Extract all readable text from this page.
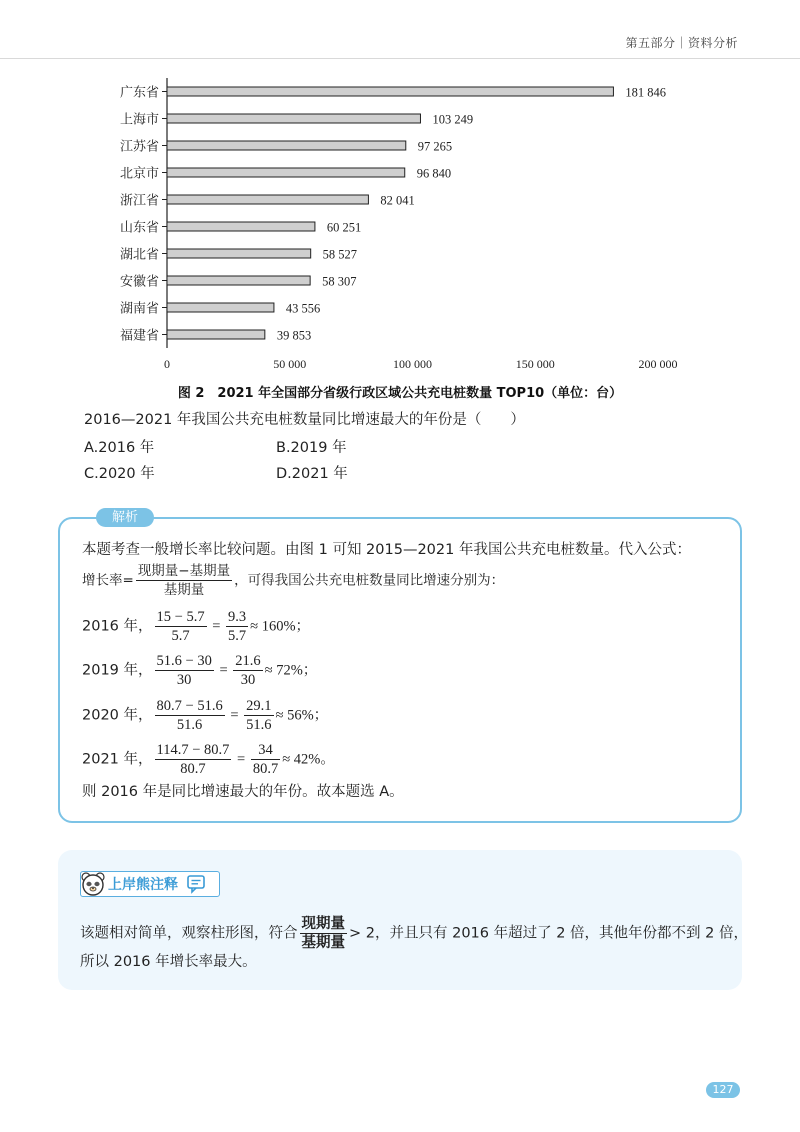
第五部分｜资料分析
0	50 000	100 000	150 000	200 000
广东省	181 846
上海市	103 249
江苏省	97 265
北京市	96 840
浙江省	82 041
山东省	60 251
湖北省	58 527
安徽省	58 307
湖南省	43 556
福建省	39 853
图 2　2021 年全国部分省级行政区域公共充电桩数量 TOP10（单位：台）
2016—2021 年我国公共充电桩数量同比增速最大的年份是（　　）
A.2016 年	B.2019 年
C.2020 年	D.2021 年
解析
本题考查一般增长率比较问题。由图 1 可知 2015—2021 年我国公共充电桩数量。代入公式：
增长率= $\frac{\text{现期量−基期量}}{\text{基期量}}$ ，可得我国公共充电桩数量同比增速分别为：
2016 年， $\frac{15 - 5.7}{5.7} = \frac{9.3}{5.7} \approx 160\%$；
2019 年， $\frac{51.6 - 30}{30} = \frac{21.6}{30} \approx 72\%$；
2020 年， $\frac{80.7 - 51.6}{51.6} = \frac{29.1}{51.6} \approx 56\%$；
2021 年， $\frac{114.7 - 80.7}{80.7} = \frac{34}{80.7} \approx 42\%$。
则 2016 年是同比增速最大的年份。故本题选 A。
上岸熊注释
该题相对简单，观察柱形图，符合 $\frac{\text{现期量}}{\text{基期量}} > 2$，并且只有 2016 年超过了 2 倍，其他年份都不到 2 倍，
所以 2016 年增长率最大。
127
